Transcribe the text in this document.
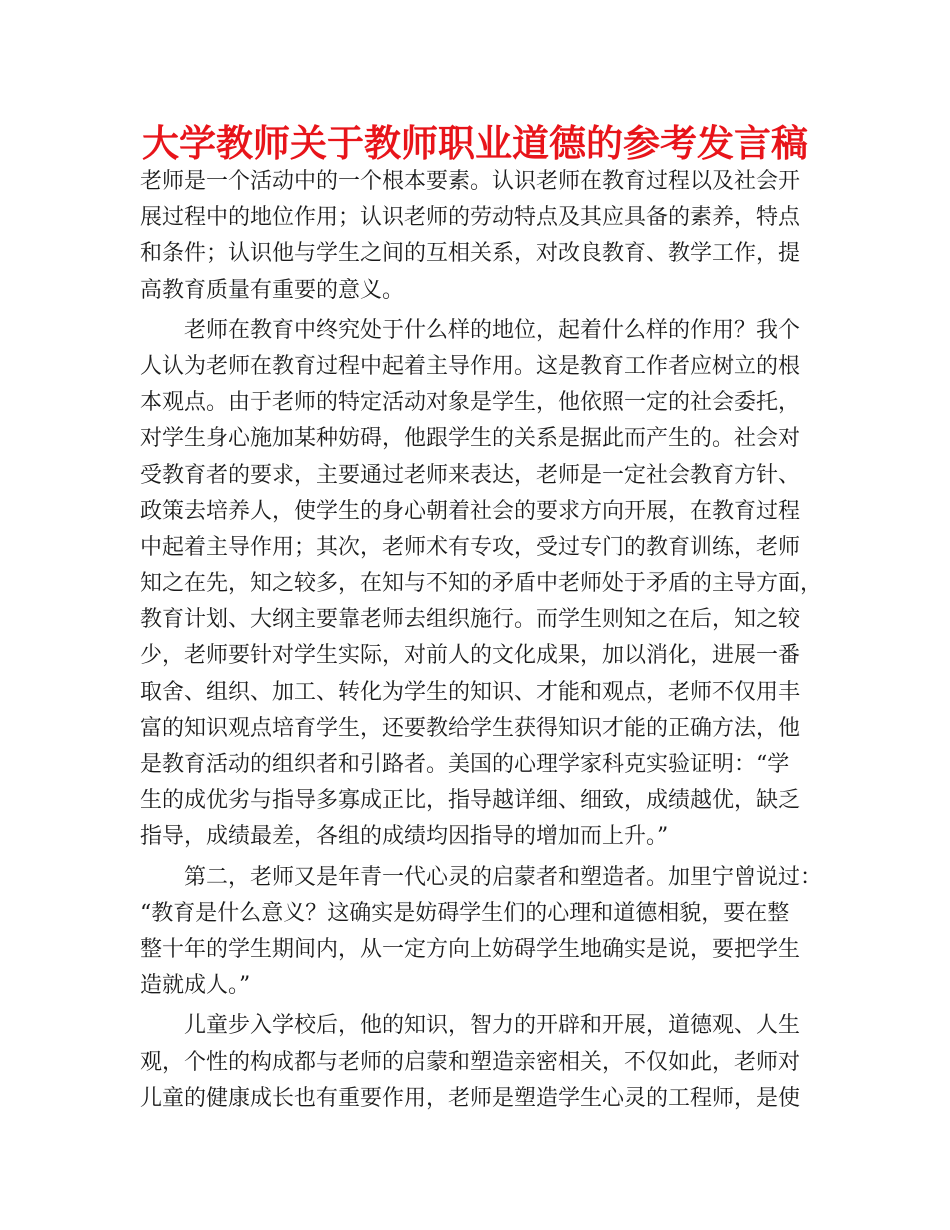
大学教师关于教师职业道德的参考发言稿
老师是一个活动中的一个根本要素。认识老师在教育过程以及社会开
展过程中的地位作用；认识老师的劳动特点及其应具备的素养，特点
和条件；认识他与学生之间的互相关系，对改良教育、教学工作，提
高教育质量有重要的意义。
老师在教育中终究处于什么样的地位，起着什么样的作用？我个
人认为老师在教育过程中起着主导作用。这是教育工作者应树立的根
本观点。由于老师的特定活动对象是学生，他依照一定的社会委托，
对学生身心施加某种妨碍，他跟学生的关系是据此而产生的。社会对
受教育者的要求，主要通过老师来表达，老师是一定社会教育方针、
政策去培养人，使学生的身心朝着社会的要求方向开展，在教育过程
中起着主导作用；其次，老师术有专攻，受过专门的教育训练，老师
知之在先，知之较多，在知与不知的矛盾中老师处于矛盾的主导方面，
教育计划、大纲主要靠老师去组织施行。而学生则知之在后，知之较
少，老师要针对学生实际，对前人的文化成果，加以消化，进展一番
取舍、组织、加工、转化为学生的知识、才能和观点，老师不仅用丰
富的知识观点培育学生，还要教给学生获得知识才能的正确方法，他
是教育活动的组织者和引路者。美国的心理学家科克实验证明：“学
生的成优劣与指导多寡成正比，指导越详细、细致，成绩越优，缺乏
指导，成绩最差，各组的成绩均因指导的增加而上升。”
第二，老师又是年青一代心灵的启蒙者和塑造者。加里宁曾说过：
“教育是什么意义？这确实是妨碍学生们的心理和道德相貌，要在整
整十年的学生期间内，从一定方向上妨碍学生地确实是说，要把学生
造就成人。”
儿童步入学校后，他的知识，智力的开辟和开展，道德观、人生
观，个性的构成都与老师的启蒙和塑造亲密相关，不仅如此，老师对
儿童的健康成长也有重要作用，老师是塑造学生心灵的工程师，是使
